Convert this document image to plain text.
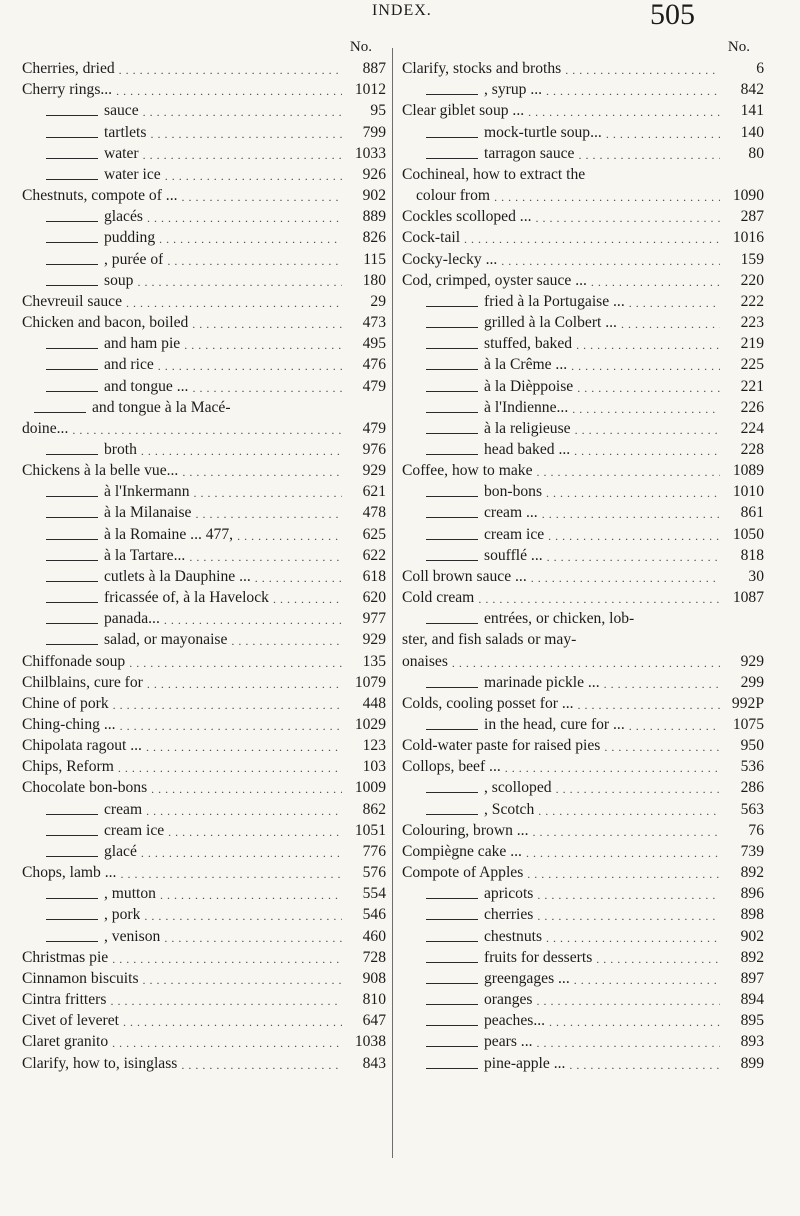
INDEX.	505
No.
Cherries, dried .....	887
Cherry rings... .....	1012
sauce .....	95
tartlets .....	799
water .....	1033
water ice .....	926
Chestnuts, compote of ... .....	902
glacés .....	889
pudding .....	826
, purée of .....	115
soup .....	180
Chevreuil sauce .....	29
Chicken and bacon, boiled .....	473
and ham pie .....	495
and rice .....	476
and tongue ... .....	479
and tongue à la Macé-
doine... .....	479
broth .....	976
Chickens à la belle vue... .....	929
à l'Inkermann .....	621
à la Milanaise .....	478
à la Romaine ... 477, .....	625
à la Tartare... .....	622
cutlets à la Dauphine ... .....	618
fricassée of, à la Havelock .....	620
panada... .....	977
salad, or mayonaise .....	929
Chiffonade soup .....	135
Chilblains, cure for .....	1079
Chine of pork .....	448
Ching-ching ... .....	1029
Chipolata ragout ... .....	123
Chips, Reform .....	103
Chocolate bon-bons .....	1009
cream .....	862
cream ice .....	1051
glacé .....	776
Chops, lamb ... .....	576
, mutton .....	554
, pork .....	546
, venison .....	460
Christmas pie .....	728
Cinnamon biscuits .....	908
Cintra fritters .....	810
Civet of leveret .....	647
Claret granito .....	1038
Clarify, how to, isinglass .....	843
No.
Clarify, stocks and broths .....	6
, syrup ... .....	842
Clear giblet soup ... .....	141
mock-turtle soup... .....	140
tarragon sauce .....	80
Cochineal, how to extract the
colour from .....	1090
Cockles scolloped ... .....	287
Cock-tail .....	1016
Cocky-lecky ... .....	159
Cod, crimped, oyster sauce ... .....	220
fried à la Portugaise ... .....	222
grilled à la Colbert ... .....	223
stuffed, baked .....	219
à la Crême ... .....	225
à la Dièppoise .....	221
à l'Indienne... .....	226
à la religieuse .....	224
head baked ... .....	228
Coffee, how to make .....	1089
bon-bons .....	1010
cream ... .....	861
cream ice .....	1050
soufflé ... .....	818
Coll brown sauce ... .....	30
Cold cream .....	1087
entrées, or chicken, lob-
ster, and fish salads or may-
onaises .....	929
marinade pickle ... .....	299
Colds, cooling posset for ... .....	992P
in the head, cure for ... .....	1075
Cold-water paste for raised pies .....	950
Collops, beef ... .....	536
, scolloped .....	286
, Scotch .....	563
Colouring, brown ... .....	76
Compiègne cake ... .....	739
Compote of Apples .....	892
apricots .....	896
cherries .....	898
chestnuts .....	902
fruits for desserts .....	892
greengages ... .....	897
oranges .....	894
peaches... .....	895
pears ... .....	893
pine-apple ... .....	899
